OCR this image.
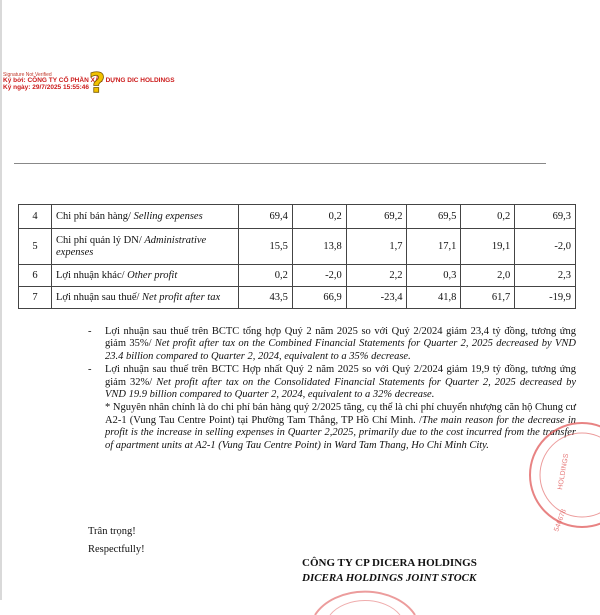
Signature Not Verified
Ký bởi: CÔNG TY CỔ PHẦN XÂY DỰNG DIC HOLDINGS
Ký ngày: 29/7/2025 15:55:46 ?
4	Chi phí bán hàng/ Selling expenses	69,4	0,2	69,2	69,5	0,2	69,3
5	Chi phí quản lý DN/ Administrative expenses	15,5	13,8	1,7	17,1	19,1	-2,0
6	Lợi nhuận khác/ Other profit	0,2	-2,0	2,2	0,3	2,0	2,3
7	Lợi nhuận sau thuế/ Net profit after tax	43,5	66,9	-23,4	41,8	61,7	-19,9
- Lợi nhuận sau thuế trên BCTC tổng hợp Quý 2 năm 2025 so với Quý 2/2024 giảm 23,4 tỷ đồng, tương ứng giảm 35%/ Net profit after tax on the Combined Financial Statements for Quarter 2, 2025 decreased by VND 23.4 billion compared to Quarter 2, 2024, equivalent to a 35% decrease.
- Lợi nhuận sau thuế trên BCTC Hợp nhất Quý 2 năm 2025 so với Quý 2/2024 giảm 19,9 tỷ đồng, tương ứng giảm 32%/ Net profit after tax on the Consolidated Financial Statements for Quarter 2, 2025 decreased by VND 19.9 billion compared to Quarter 2, 2024, equivalent to a 32% decrease.
* Nguyên nhân chính là do chi phí bán hàng quý 2/2025 tăng, cụ thể là chi phí chuyển nhượng căn hộ Chung cư A2-1 (Vung Tau Centre Point) tại Phường Tam Thắng, TP Hồ Chí Minh. /The main reason for the decrease in profit is the increase in selling expenses in Quarter 2,2025, primarily due to the cost incurred from the transfer of apartment units at A2-1 (Vung Tau Centre Point) in Ward Tam Thang, Ho Chi Minh City.
Trân trọng!
Respectfully!
CÔNG TY CP DICERA HOLDINGS
DICERA HOLDINGS JOINT STOCK
HOLDINGS
546678
